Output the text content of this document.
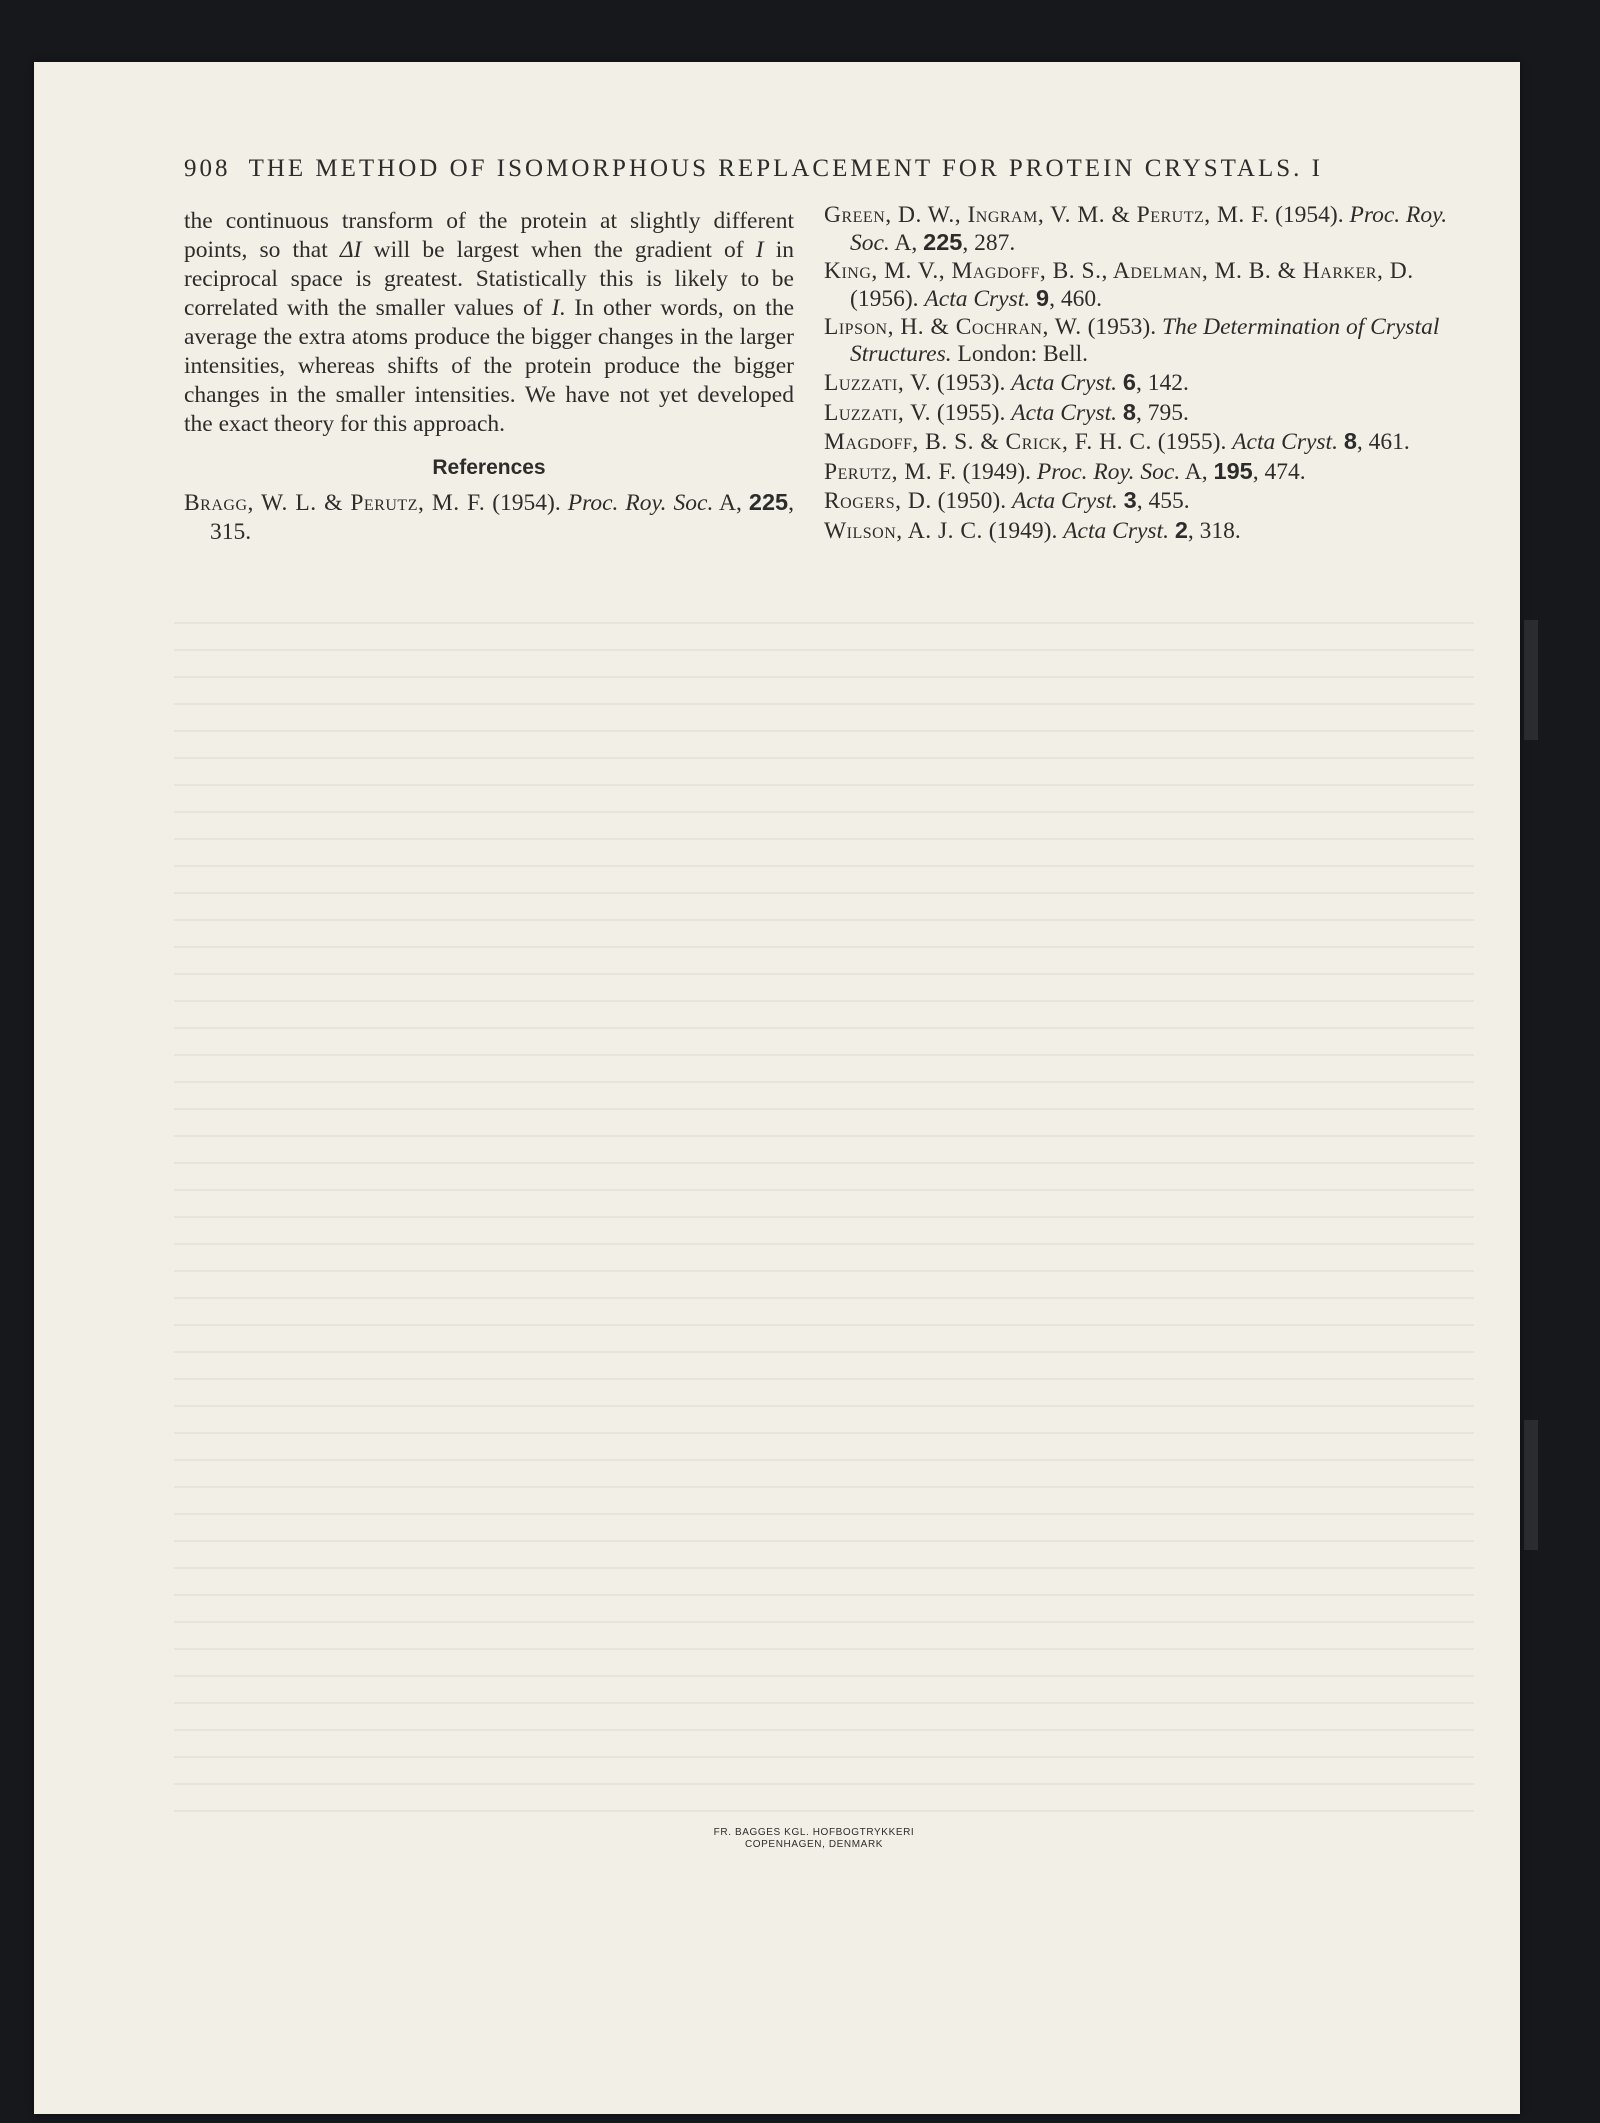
908 THE METHOD OF ISOMORPHOUS REPLACEMENT FOR PROTEIN CRYSTALS. I

the continuous transform of the protein at slightly different points, so that ΔI will be largest when the gradient of I in reciprocal space is greatest. Statistically this is likely to be correlated with the smaller values of I. In other words, on the average the extra atoms produce the bigger changes in the larger intensities, whereas shifts of the protein produce the bigger changes in the smaller intensities. We have not yet developed the exact theory for this approach.

References
Bragg, W. L. & Perutz, M. F. (1954). Proc. Roy. Soc. A, 225, 315.
Green, D. W., Ingram, V. M. & Perutz, M. F. (1954). Proc. Roy. Soc. A, 225, 287.
King, M. V., Magdoff, B. S., Adelman, M. B. & Harker, D. (1956). Acta Cryst. 9, 460.
Lipson, H. & Cochran, W. (1953). The Determination of Crystal Structures. London: Bell.
Luzzati, V. (1953). Acta Cryst. 6, 142.
Luzzati, V. (1955). Acta Cryst. 8, 795.
Magdoff, B. S. & Crick, F. H. C. (1955). Acta Cryst. 8, 461.
Perutz, M. F. (1949). Proc. Roy. Soc. A, 195, 474.
Rogers, D. (1950). Acta Cryst. 3, 455.
Wilson, A. J. C. (1949). Acta Cryst. 2, 318.
FR. BAGGES KGL. HOFBOGTRYKKERI
COPENHAGEN, DENMARK
